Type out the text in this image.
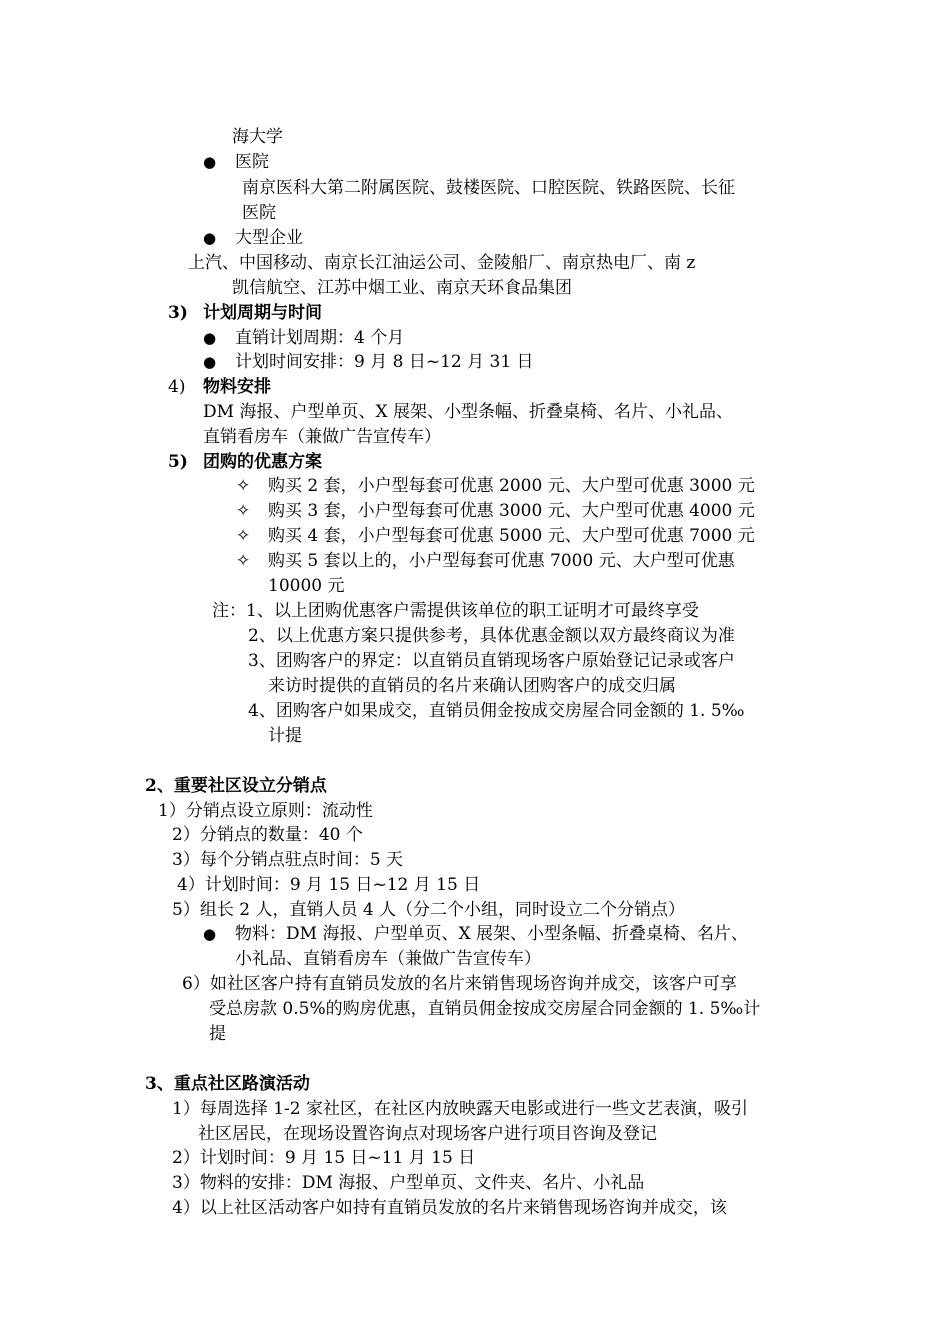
海大学
● 医院
南京医科大第二附属医院、鼓楼医院、口腔医院、铁路医院、长征
医院
● 大型企业
上汽、中国移动、南京长江油运公司、金陵船厂、南京热电厂、南 z
凯信航空、江苏中烟工业、南京天环食品集团
3) 计划周期与时间
● 直销计划周期：4 个月
● 计划时间安排：9 月 8 日~12 月 31 日
4) 物料安排
DM 海报、户型单页、X 展架、小型条幅、折叠桌椅、名片、小礼品、
直销看房车（兼做广告宣传车）
5) 团购的优惠方案
✧ 购买 2 套，小户型每套可优惠 2000 元、大户型可优惠 3000 元
✧ 购买 3 套，小户型每套可优惠 3000 元、大户型可优惠 4000 元
✧ 购买 4 套，小户型每套可优惠 5000 元、大户型可优惠 7000 元
✧ 购买 5 套以上的，小户型每套可优惠 7000 元、大户型可优惠
10000 元
注：1、以上团购优惠客户需提供该单位的职工证明才可最终享受
2、以上优惠方案只提供参考，具体优惠金额以双方最终商议为准
3、团购客户的界定：以直销员直销现场客户原始登记记录或客户
来访时提供的直销员的名片来确认团购客户的成交归属
4、团购客户如果成交，直销员佣金按成交房屋合同金额的 1. 5‰
计提
2、重要社区设立分销点
1）分销点设立原则：流动性
2）分销点的数量：40 个
3）每个分销点驻点时间：5 天
4）计划时间：9 月 15 日~12 月 15 日
5）组长 2 人，直销人员 4 人（分二个小组，同时设立二个分销点）
● 物料：DM 海报、户型单页、X 展架、小型条幅、折叠桌椅、名片、
小礼品、直销看房车（兼做广告宣传车）
6）如社区客户持有直销员发放的名片来销售现场咨询并成交，该客户可享
受总房款 0.5%的购房优惠，直销员佣金按成交房屋合同金额的 1. 5‰计
提
3、重点社区路演活动
1）每周选择 1-2 家社区，在社区内放映露天电影或进行一些文艺表演，吸引
社区居民，在现场设置咨询点对现场客户进行项目咨询及登记
2）计划时间：9 月 15 日~11 月 15 日
3）物料的安排：DM 海报、户型单页、文件夹、名片、小礼品
4）以上社区活动客户如持有直销员发放的名片来销售现场咨询并成交，该
